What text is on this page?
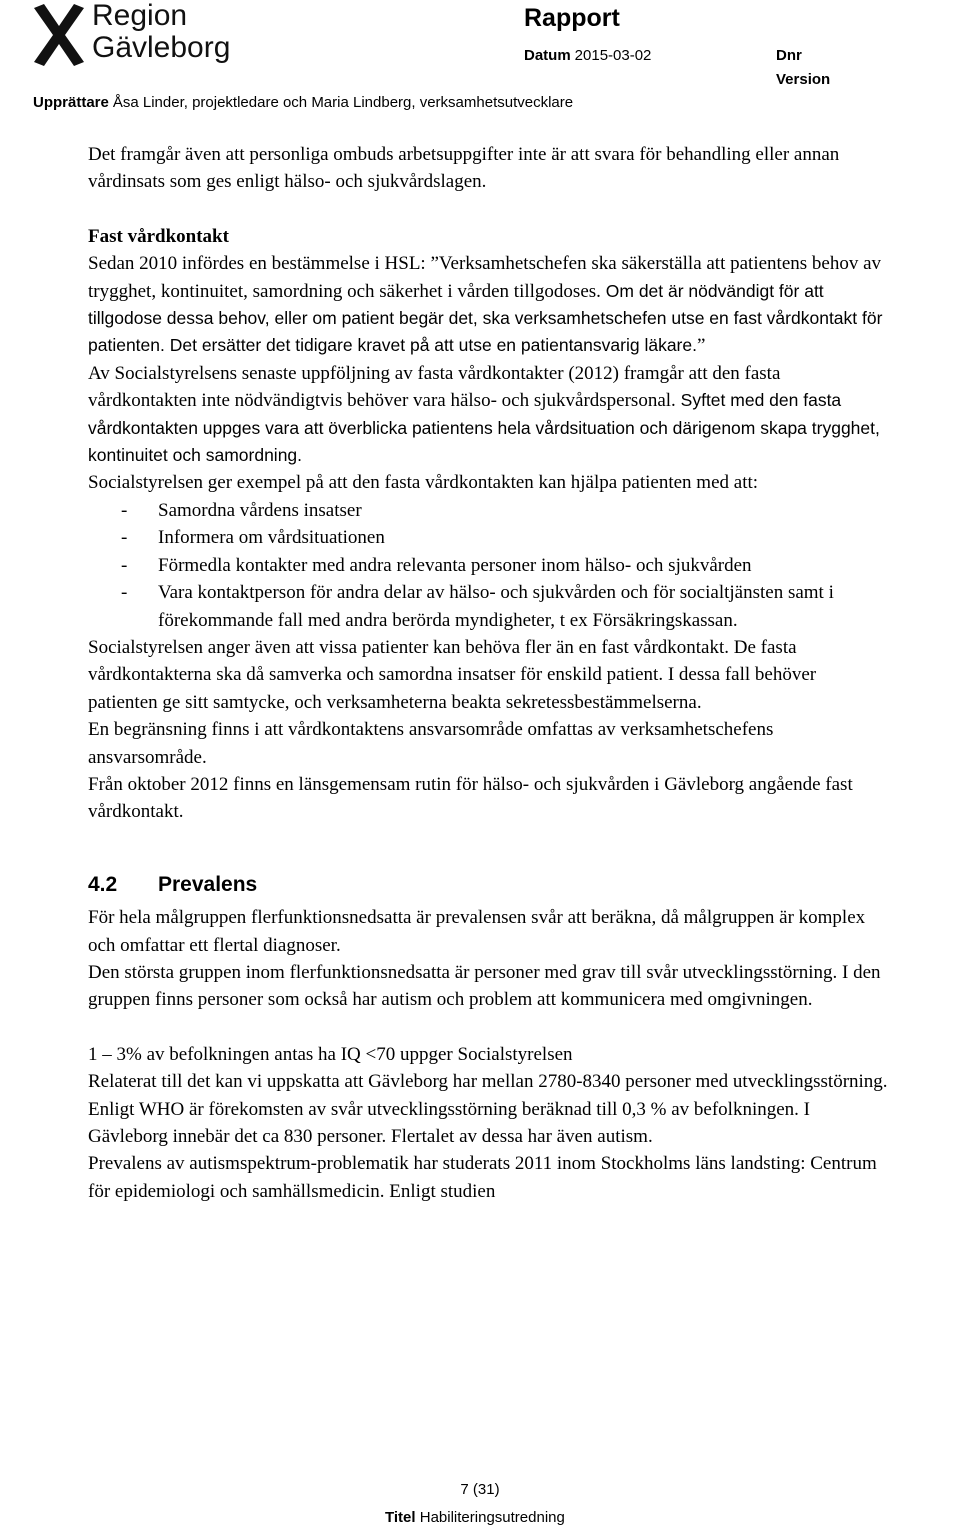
Region
Gävleborg
Rapport
Datum 2015-03-02	Dnr
Version
Upprättare Åsa Linder, projektledare och Maria Lindberg, verksamhetsutvecklare

Det framgår även att personliga ombuds arbetsuppgifter inte är att svara för behandling eller annan vårdinsats som ges enligt hälso- och sjukvårdslagen.

Fast vårdkontakt

Sedan 2010 infördes en bestämmelse i HSL: ”Verksamhetschefen ska säkerställa att patientens behov av trygghet, kontinuitet, samordning och säkerhet i vården tillgodoses. Om det är nödvändigt för att tillgodose dessa behov, eller om patient begär det, ska verksamhetschefen utse en fast vårdkontakt för patienten. Det ersätter det tidigare kravet på att utse en patientansvarig läkare.”

Av Socialstyrelsens senaste uppföljning av fasta vårdkontakter (2012) framgår att den fasta vårdkontakten inte nödvändigtvis behöver vara hälso- och sjukvårdspersonal. Syftet med den fasta vårdkontakten uppges vara att överblicka patientens hela vårdsituation och därigenom skapa trygghet, kontinuitet och samordning.

Socialstyrelsen ger exempel på att den fasta vårdkontakten kan hjälpa patienten med att:

- Samordna vårdens insatser
- Informera om vårdsituationen
- Förmedla kontakter med andra relevanta personer inom hälso- och sjukvården
- Vara kontaktperson för andra delar av hälso- och sjukvården och för socialtjänsten samt i förekommande fall med andra berörda myndigheter, t ex Försäkringskassan.

Socialstyrelsen anger även att vissa patienter kan behöva fler än en fast vårdkontakt. De fasta vårdkontakterna ska då samverka och samordna insatser för enskild patient. I dessa fall behöver patienten ge sitt samtycke, och verksamheterna beakta sekretessbestämmelserna.

En begränsning finns i att vårdkontaktens ansvarsområde omfattas av verksamhetschefens ansvarsområde.

Från oktober 2012 finns en länsgemensam rutin för hälso- och sjukvården i Gävleborg angående fast vårdkontakt.

4.2	Prevalens

För hela målgruppen flerfunktionsnedsatta är prevalensen svår att beräkna, då målgruppen är komplex och omfattar ett flertal diagnoser.

Den största gruppen inom flerfunktionsnedsatta är personer med grav till svår utvecklingsstörning. I den gruppen finns personer som också har autism och problem att kommunicera med omgivningen.

1 – 3% av befolkningen antas ha IQ <70 uppger Socialstyrelsen

Relaterat till det kan vi uppskatta att Gävleborg har mellan 2780-8340 personer med utvecklingsstörning.

Enligt WHO är förekomsten av svår utvecklingsstörning beräknad till 0,3 % av befolkningen. I Gävleborg innebär det ca 830 personer. Flertalet av dessa har även autism.

Prevalens av autismspektrum-problematik har studerats 2011 inom Stockholms läns landsting: Centrum för epidemiologi och samhällsmedicin. Enligt studien

7 (31)
Titel Habiliteringsutredning
